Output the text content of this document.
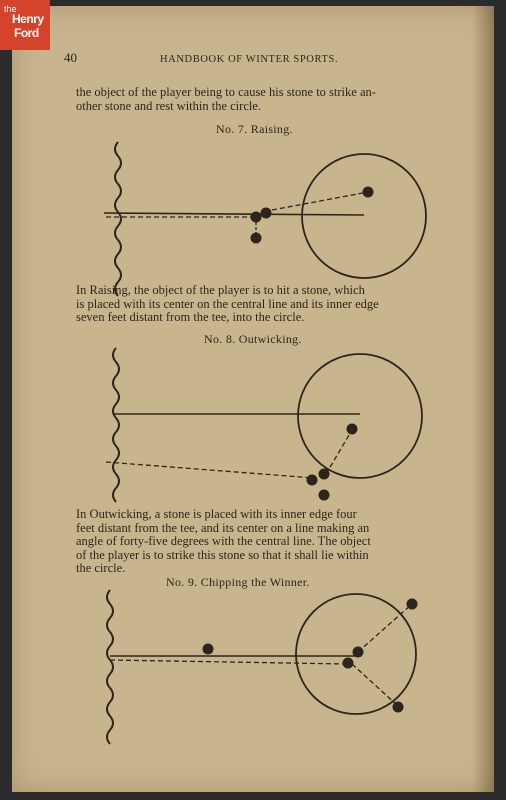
the
Henry
Ford
40	HANDBOOK OF WINTER SPORTS.
the object of the player being to cause his stone to strike an-
other stone and rest within the circle.
No. 7. Raising.
In Raising, the object of the player is to hit a stone, which
is placed with its center on the central line and its inner edge
seven feet distant from the tee, into the circle.
No. 8. Outwicking.
In Outwicking, a stone is placed with its inner edge four
feet distant from the tee, and its center on a line making an
angle of forty-five degrees with the central line. The object
of the player is to strike this stone so that it shall lie within
the circle.
No. 9. Chipping the Winner.
